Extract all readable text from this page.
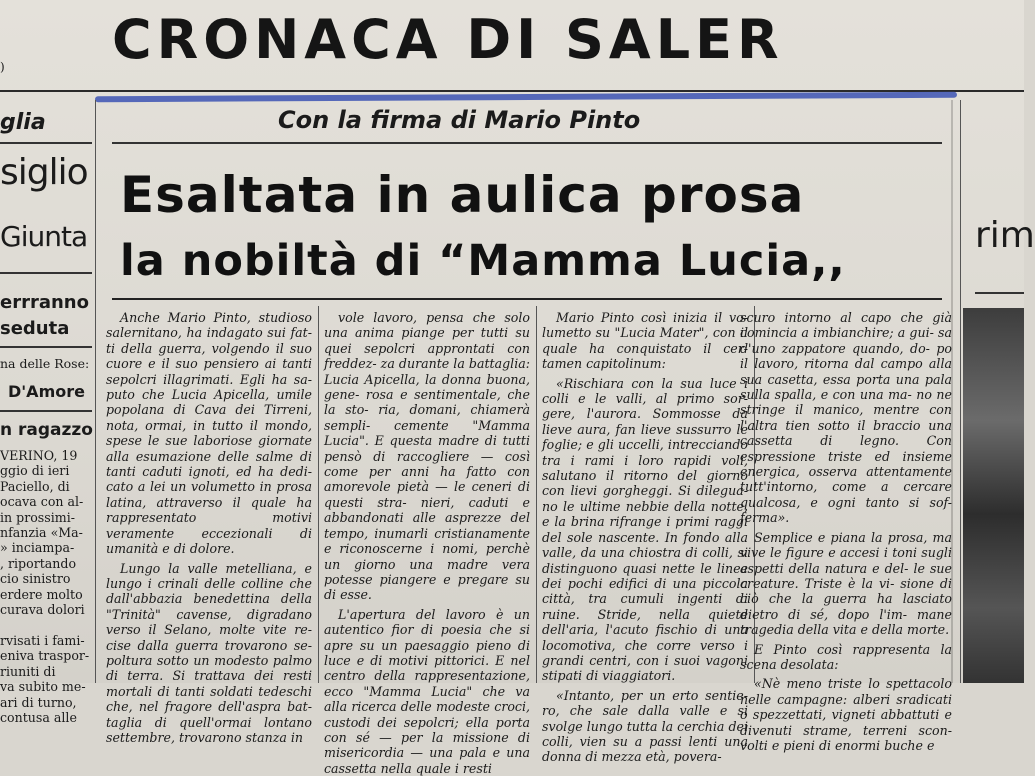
CRONACA DI SALER
)
glia
siglio
Giunta
errranno
seduta
na delle Rose:
D'Amore
n ragazzo
VERINO, 19
ggio di ieri
Paciello, di
ocava con al-
in prossimi-
nfanzia «Ma-
» inciampa-
, riportando
cio sinistro
erdere molto
curava dolori

rvisati i fami-
eniva traspor-
riuniti di
va subito me-
ari di turno,
contusa alle
Con la firma di Mario Pinto
Esaltata in aulica prosa
la nobiltà di “Mamma Lucia,,

Anche Mario Pinto, studioso salernitano, ha indagato sui fat- ti della guerra, volgendo il suo cuore e il suo pensiero ai tanti sepolcri illagrimati. Egli ha sa- puto che Lucia Apicella, umile popolana di Cava dei Tirreni, nota, ormai, in tutto il mondo, spese le sue laboriose giornate alla esumazione delle salme di tanti caduti ignoti, ed ha dedi- cato a lei un volumetto in prosa latina, attraverso il quale ha rappresentato motivi veramente eccezionali di umanità e di dolore.

Lungo la valle metelliana, e lungo i crinali delle colline che dall'abbazia benedettina della "Trinità" cavense, digradano verso il Selano, molte vite re- cise dalla guerra trovarono se- poltura sotto un modesto palmo di terra. Si trattava dei resti mortali di tanti soldati tedeschi che, nel fragore dell'aspra bat- taglia di quell'ormai lontano settembre, trovarono stanza in

vole lavoro, pensa che solo una anima piange per tutti su quei sepolcri approntati con freddez- za durante la battaglia: Lucia Apicella, la donna buona, gene- rosa e sentimentale, che la sto- ria, domani, chiamerà sempli- cemente "Mamma Lucia". E questa madre di tutti pensò di raccogliere — così come per anni ha fatto con amorevole pietà — le ceneri di questi stra- nieri, caduti e abbandonati alle asprezze del tempo, inumarli cristianamente e riconoscerne i nomi, perchè un giorno una madre vera potesse piangere e pregare su di esse.

L'apertura del lavoro è un autentico fior di poesia che si apre su un paesaggio pieno di luce e di motivi pittorici. E nel centro della rappresentazione, ecco "Mamma Lucia" che va alla ricerca delle modeste croci, custodi dei sepolcri; ella porta con sé — per la missione di misericordia — una pala e una cassetta nella quale i resti

Mario Pinto così inizia il vo- lumetto su "Lucia Mater", con il quale ha conquistato il cer- tamen capitolinum:

«Rischiara con la sua luce i colli e le valli, al primo sor- gere, l'aurora. Sommosse da lieve aura, fan lieve sussurro le foglie; e gli uccelli, intrecciando tra i rami i loro rapidi voli, salutano il ritorno del giorno con lievi gorgheggi. Si dilegua- no le ultime nebbie della notte, e la brina rifrange i primi raggi del sole nascente. In fondo alla valle, da una chiostra di colli, si distinguono quasi nette le linee dei pochi edifici di una piccola città, tra cumuli ingenti di ruine. Stride, nella quiete dell'aria, l'acuto fischio di una locomotiva, che corre verso i grandi centri, con i suoi vagoni stipati di viaggiatori.

«Intanto, per un erto sentie- ro, che sale dalla valle e si svolge lungo tutta la cerchia dei colli, vien su a passi lenti una donna di mezza età, povera-

scuro intorno al capo che già comincia a imbianchire; a gui- sa d'uno zappatore quando, do- po il lavoro, ritorna dal campo alla sua casetta, essa porta una pala sulla spalla, e con una ma- no ne stringe il manico, mentre con l'altra tien sotto il braccio una cassetta di legno. Con espressione triste ed insieme energica, osserva attentamente tutt'intorno, come a cercare qualcosa, e ogni tanto si sof- ferma».

Semplice e piana la prosa, ma vive le figure e accesi i toni sugli aspetti della natura e del- le sue creature. Triste è la vi- sione di ciò che la guerra ha lasciato dietro di sé, dopo l'im- mane tragedia della vita e della morte.

E Pinto così rappresenta la scena desolata:

«Nè meno triste lo spettacolo nelle campagne: alberi sradicati o spezzettati, vigneti abbattuti e divenuti strame, terreni scon- volti e pieni di enormi buche e

rim
